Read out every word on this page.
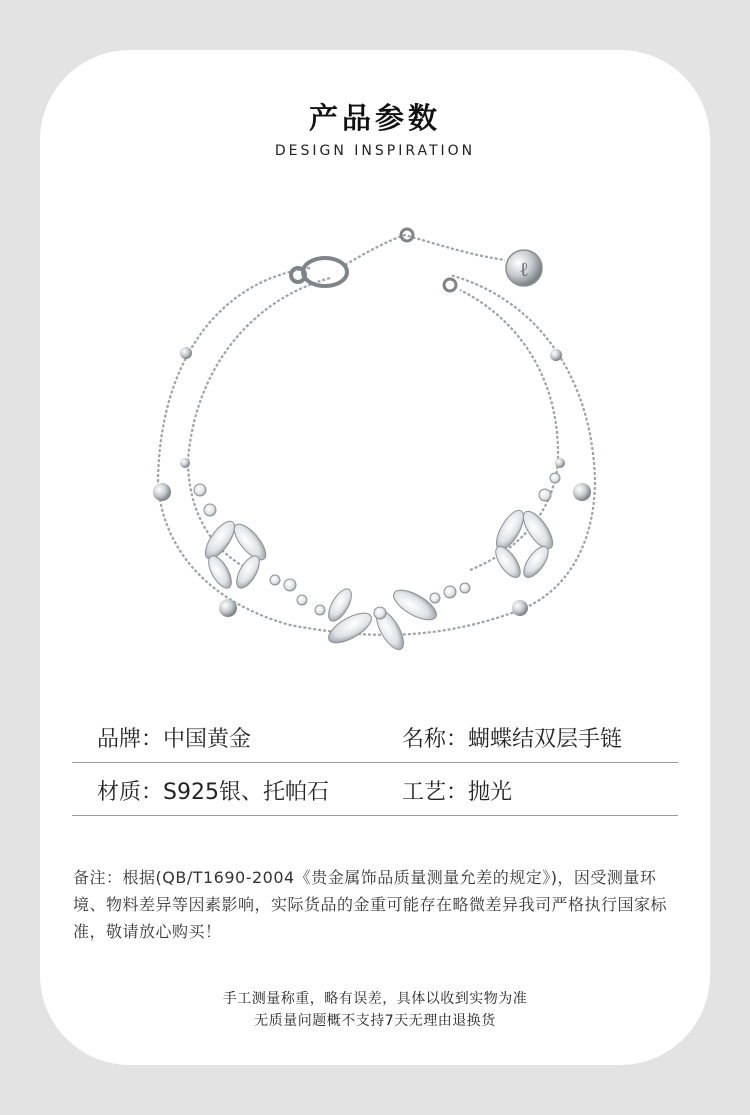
产品参数
DESIGN INSPIRATION
ℓ
品牌：中国黄金	名称：蝴蝶结双层手链
材质：S925银、托帕石	工艺：抛光
备注：根据(QB/T1690-2004《贵金属饰品质量测量允差的规定》)，因受测量环境、物料差异等因素影响，实际货品的金重可能存在略微差异我司严格执行国家标准，敬请放心购买！
手工测量称重，略有误差，具体以收到实物为准
无质量问题概不支持7天无理由退换货
